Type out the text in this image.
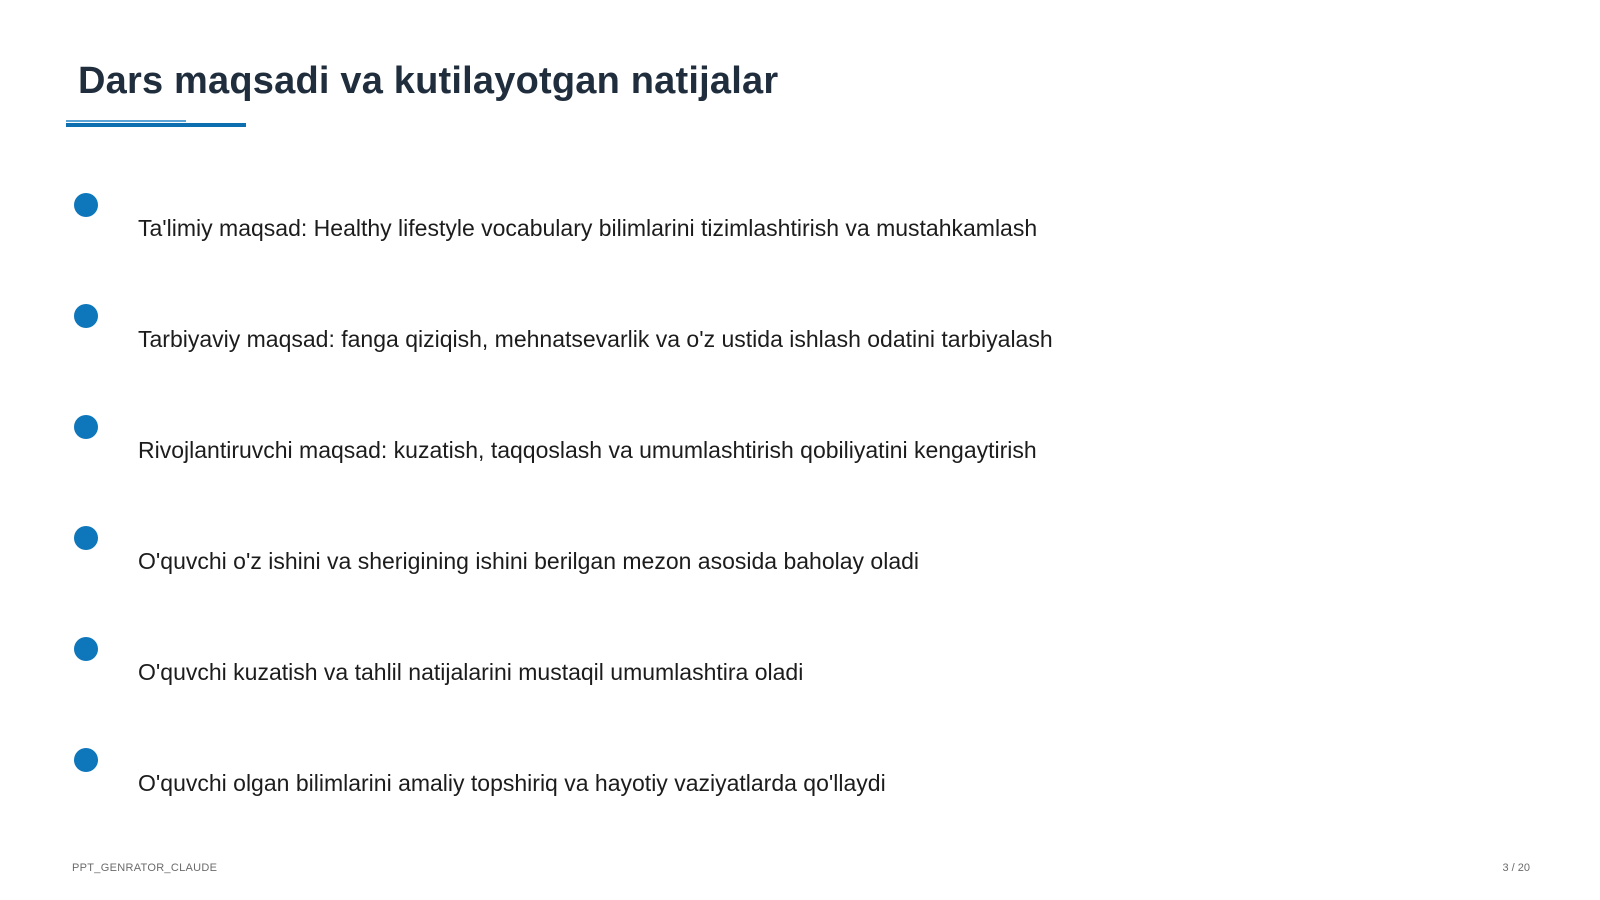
Dars maqsadi va kutilayotgan natijalar
Ta'limiy maqsad: Healthy lifestyle vocabulary bilimlarini tizimlashtirish va mustahkamlash
Tarbiyaviy maqsad: fanga qiziqish, mehnatsevarlik va o'z ustida ishlash odatini tarbiyalash
Rivojlantiruvchi maqsad: kuzatish, taqqoslash va umumlashtirish qobiliyatini kengaytirish
O'quvchi o'z ishini va sherigining ishini berilgan mezon asosida baholay oladi
O'quvchi kuzatish va tahlil natijalarini mustaqil umumlashtira oladi
O'quvchi olgan bilimlarini amaliy topshiriq va hayotiy vaziyatlarda qo'llaydi
PPT_GENRATOR_CLAUDE	3 / 20
